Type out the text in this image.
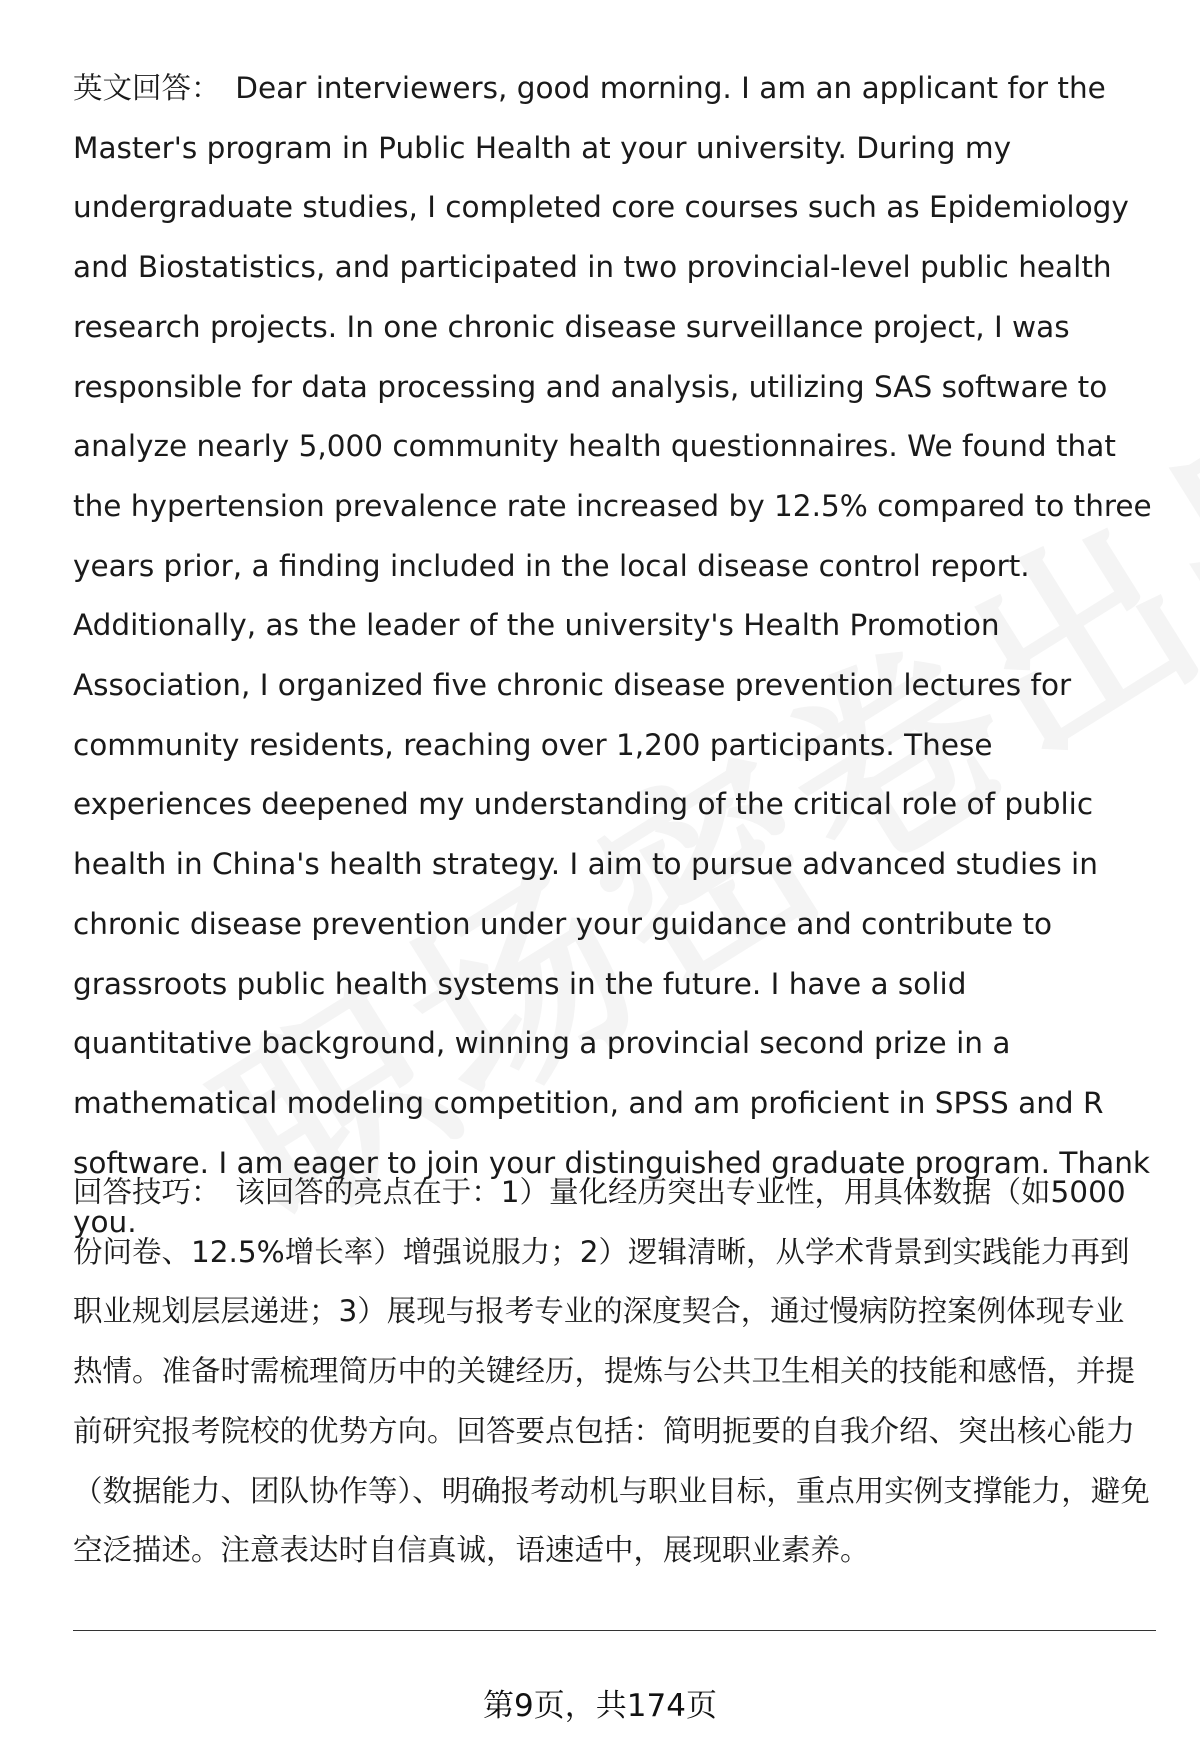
英文回答： Dear interviewers, good morning. I am an applicant for the Master's program in Public Health at your university. During my undergraduate studies, I completed core courses such as Epidemiology and Biostatistics, and participated in two provincial-level public health research projects. In one chronic disease surveillance project, I was responsible for data processing and analysis, utilizing SAS software to analyze nearly 5,000 community health questionnaires. We found that the hypertension prevalence rate increased by 12.5% compared to three years prior, a finding included in the local disease control report. Additionally, as the leader of the university's Health Promotion Association, I organized five chronic disease prevention lectures for community residents, reaching over 1,200 participants. These experiences deepened my understanding of the critical role of public health in China's health strategy. I aim to pursue advanced studies in chronic disease prevention under your guidance and contribute to grassroots public health systems in the future. I have a solid quantitative background, winning a provincial second prize in a mathematical modeling competition, and am proficient in SPSS and R software. I am eager to join your distinguished graduate program. Thank you.
回答技巧： 该回答的亮点在于：1）量化经历突出专业性，用具体数据（如5000份问卷、12.5%增长率）增强说服力；2）逻辑清晰，从学术背景到实践能力再到职业规划层层递进；3）展现与报考专业的深度契合，通过慢病防控案例体现专业热情。准备时需梳理简历中的关键经历，提炼与公共卫生相关的技能和感悟，并提前研究报考院校的优势方向。回答要点包括：简明扼要的自我介绍、突出核心能力（数据能力、团队协作等）、明确报考动机与职业目标，重点用实例支撑能力，避免空泛描述。注意表达时自信真诚，语速适中，展现职业素养。
第9页，共174页
